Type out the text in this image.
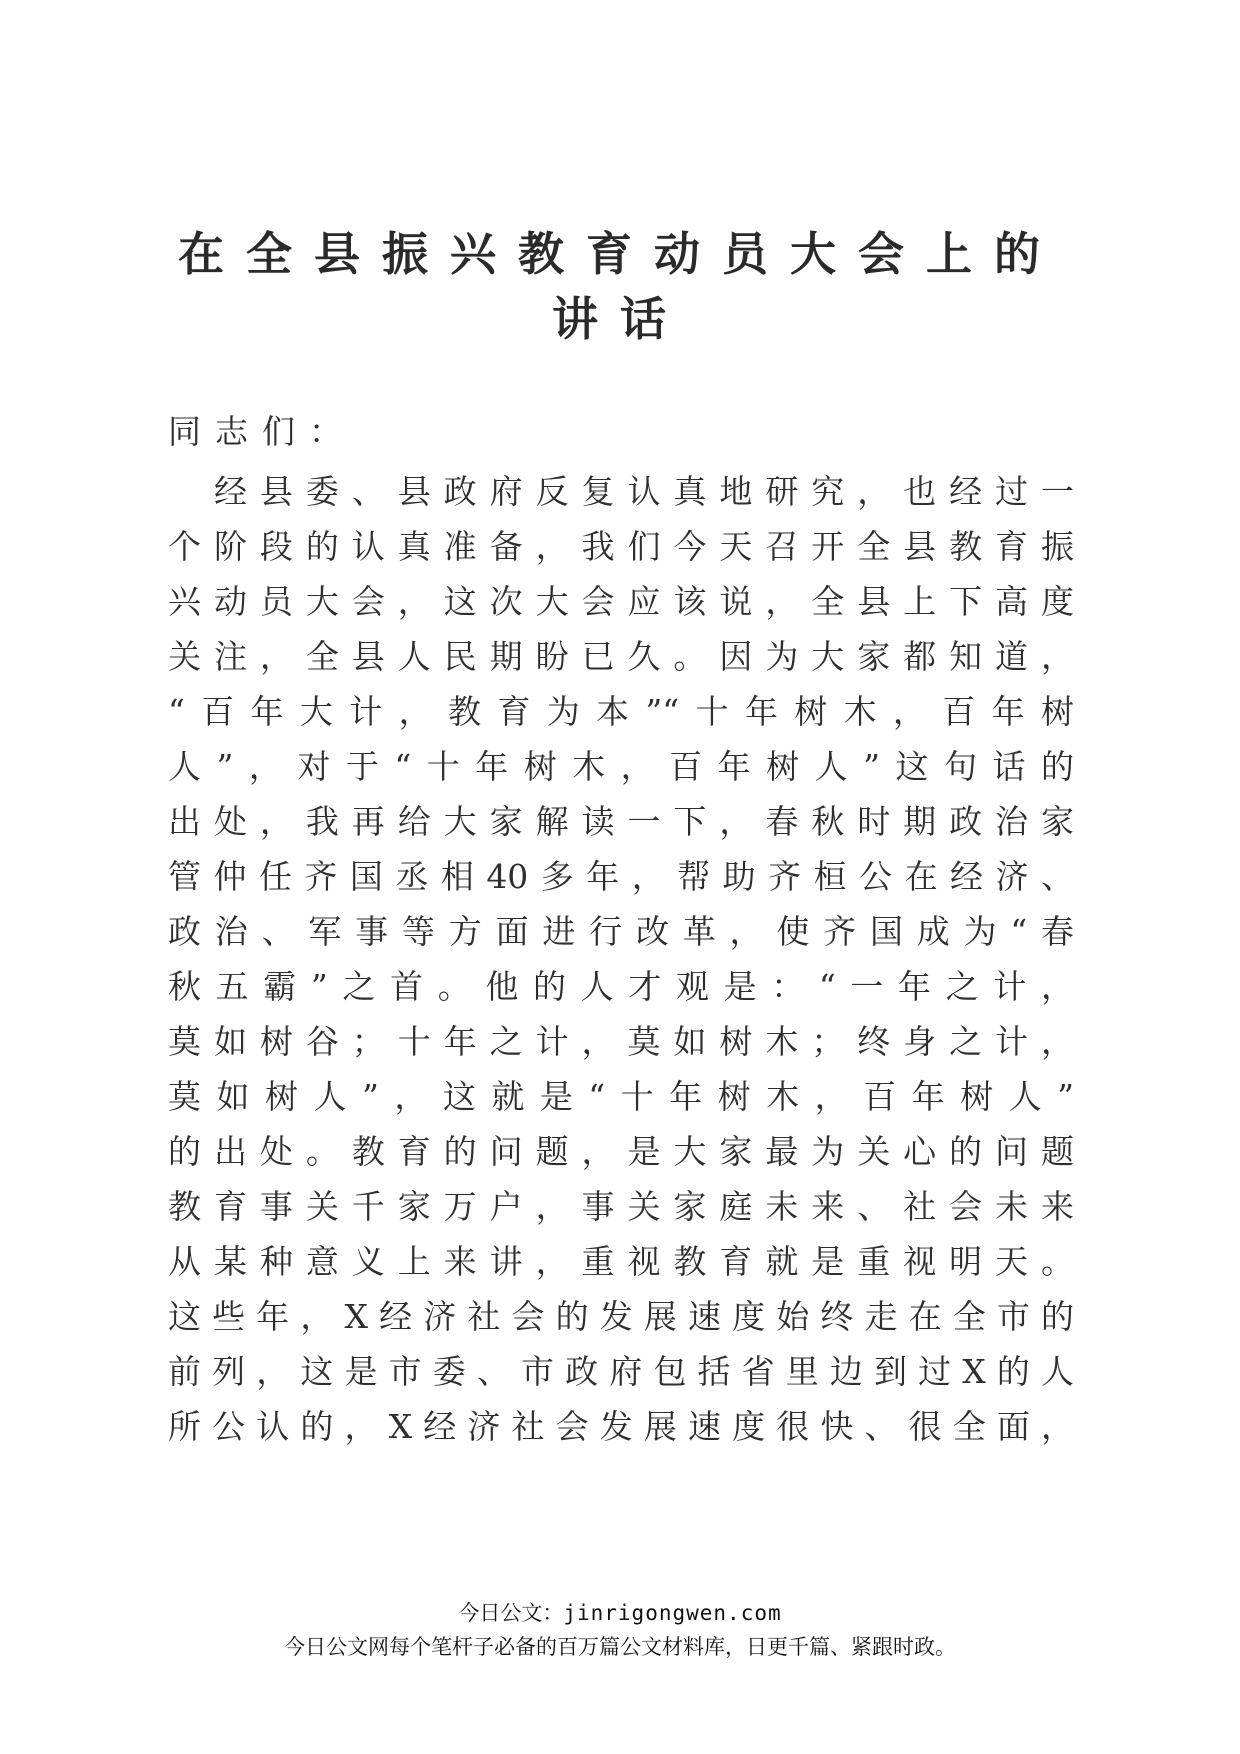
在全县振兴教育动员大会上的
讲话
同志们：
　经县委、县政府反复认真地研究，也经过一
个阶段的认真准备，我们今天召开全县教育振
兴动员大会，这次大会应该说，全县上下高度
关注，全县人民期盼已久。因为大家都知道，
“百年大计，教育为本”“十年树木，百年树
人”，对于“十年树木，百年树人”这句话的
出处，我再给大家解读一下，春秋时期政治家
管仲任齐国丞相40多年，帮助齐桓公在经济、
政治、军事等方面进行改革，使齐国成为“春
秋五霸”之首。他的人才观是：“一年之计，
莫如树谷；十年之计，莫如树木；终身之计，
莫如树人”，这就是“十年树木，百年树人”
的出处。教育的问题，是大家最为关心的问题
教育事关千家万户，事关家庭未来、社会未来
从某种意义上来讲，重视教育就是重视明天。
这些年，X经济社会的发展速度始终走在全市的
前列，这是市委、市政府包括省里边到过X的人
所公认的，X经济社会发展速度很快、很全面，
今日公文：jinrigongwen.com
今日公文网每个笔杆子必备的百万篇公文材料库，日更千篇、紧跟时政。
